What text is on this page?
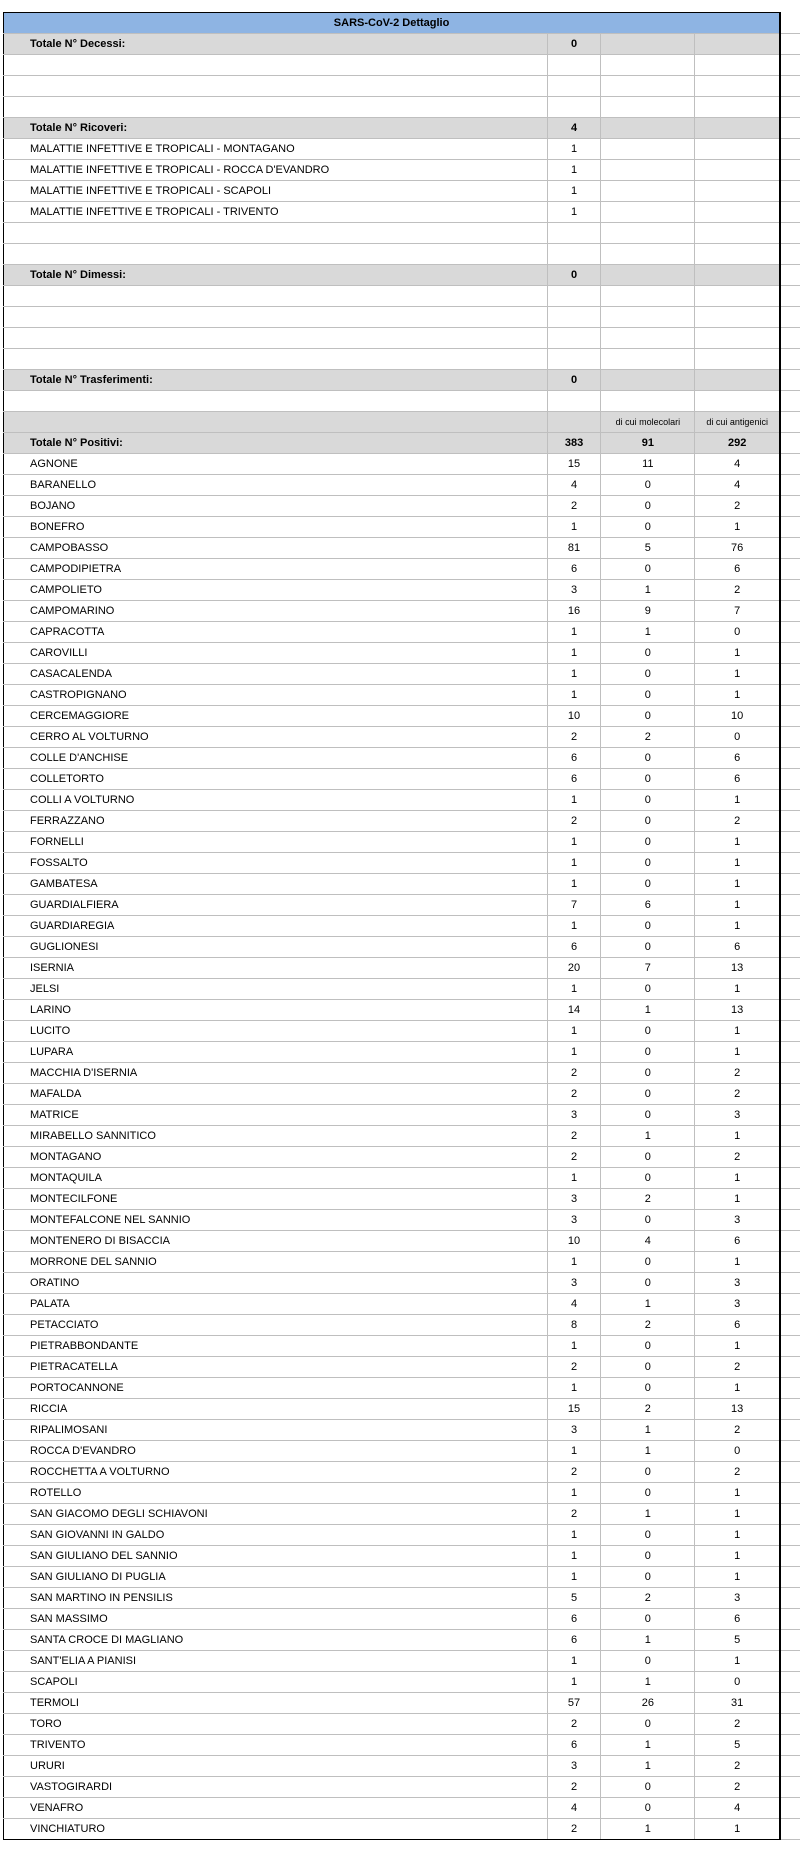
SARS-CoV-2 Dettaglio				
Totale N° Decessi:	0			

Totale N° Ricoveri:	4			
MALATTIE INFETTIVE E TROPICALI - MONTAGANO	1			
MALATTIE INFETTIVE E TROPICALI - ROCCA D'EVANDRO	1			
MALATTIE INFETTIVE E TROPICALI - SCAPOLI	1			
MALATTIE INFETTIVE E TROPICALI - TRIVENTO	1			

Totale N° Dimessi:	0			

Totale N° Trasferimenti:	0			

		di cui molecolari	di cui antigenici	
Totale N° Positivi:	383	91	292	
AGNONE	15	11	4	
BARANELLO	4	0	4	
BOJANO	2	0	2	
BONEFRO	1	0	1	
CAMPOBASSO	81	5	76	
CAMPODIPIETRA	6	0	6	
CAMPOLIETO	3	1	2	
CAMPOMARINO	16	9	7	
CAPRACOTTA	1	1	0	
CAROVILLI	1	0	1	
CASACALENDA	1	0	1	
CASTROPIGNANO	1	0	1	
CERCEMAGGIORE	10	0	10	
CERRO AL VOLTURNO	2	2	0	
COLLE D'ANCHISE	6	0	6	
COLLETORTO	6	0	6	
COLLI A VOLTURNO	1	0	1	
FERRAZZANO	2	0	2	
FORNELLI	1	0	1	
FOSSALTO	1	0	1	
GAMBATESA	1	0	1	
GUARDIALFIERA	7	6	1	
GUARDIAREGIA	1	0	1	
GUGLIONESI	6	0	6	
ISERNIA	20	7	13	
JELSI	1	0	1	
LARINO	14	1	13	
LUCITO	1	0	1	
LUPARA	1	0	1	
MACCHIA D'ISERNIA	2	0	2	
MAFALDA	2	0	2	
MATRICE	3	0	3	
MIRABELLO SANNITICO	2	1	1	
MONTAGANO	2	0	2	
MONTAQUILA	1	0	1	
MONTECILFONE	3	2	1	
MONTEFALCONE NEL SANNIO	3	0	3	
MONTENERO DI BISACCIA	10	4	6	
MORRONE DEL SANNIO	1	0	1	
ORATINO	3	0	3	
PALATA	4	1	3	
PETACCIATO	8	2	6	
PIETRABBONDANTE	1	0	1	
PIETRACATELLA	2	0	2	
PORTOCANNONE	1	0	1	
RICCIA	15	2	13	
RIPALIMOSANI	3	1	2	
ROCCA D'EVANDRO	1	1	0	
ROCCHETTA A VOLTURNO	2	0	2	
ROTELLO	1	0	1	
SAN GIACOMO DEGLI SCHIAVONI	2	1	1	
SAN GIOVANNI IN GALDO	1	0	1	
SAN GIULIANO DEL SANNIO	1	0	1	
SAN GIULIANO DI PUGLIA	1	0	1	
SAN MARTINO IN PENSILIS	5	2	3	
SAN MASSIMO	6	0	6	
SANTA CROCE DI MAGLIANO	6	1	5	
SANT'ELIA A PIANISI	1	0	1	
SCAPOLI	1	1	0	
TERMOLI	57	26	31	
TORO	2	0	2	
TRIVENTO	6	1	5	
URURI	3	1	2	
VASTOGIRARDI	2	0	2	
VENAFRO	4	0	4	
VINCHIATURO	2	1	1	
